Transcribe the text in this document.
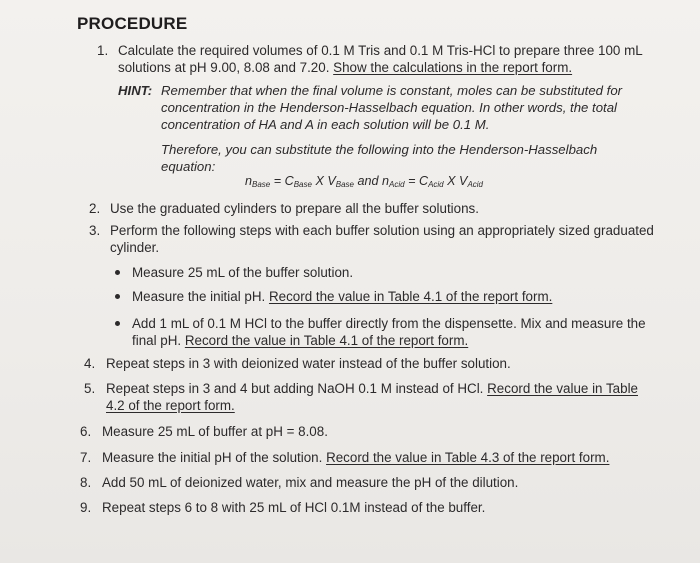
PROCEDURE
1. Calculate the required volumes of 0.1 M Tris and 0.1 M Tris-HCl to prepare three 100 mL
solutions at pH 9.00, 8.08 and 7.20. Show the calculations in the report form.
HINT: Remember that when the final volume is constant, moles can be substituted for
concentration in the Henderson-Hasselbach equation. In other words, the total
concentration of HA and A in each solution will be 0.1 M.
Therefore, you can substitute the following into the Henderson-Hasselbach
equation:
$n_{Base} = C_{Base}$ X $V_{Base}$ and $n_{Acid} = C_{Acid}$ X $V_{Acid}$
2. Use the graduated cylinders to prepare all the buffer solutions.
3. Perform the following steps with each buffer solution using an appropriately sized graduated
cylinder.
Measure 25 mL of the buffer solution.
Measure the initial pH. Record the value in Table 4.1 of the report form.
Add 1 mL of 0.1 M HCl to the buffer directly from the dispensette. Mix and measure the
final pH. Record the value in Table 4.1 of the report form.
4. Repeat steps in 3 with deionized water instead of the buffer solution.
5. Repeat steps in 3 and 4 but adding NaOH 0.1 M instead of HCl. Record the value in Table
4.2 of the report form.
6. Measure 25 mL of buffer at pH = 8.08.
7. Measure the initial pH of the solution. Record the value in Table 4.3 of the report form.
8. Add 50 mL of deionized water, mix and measure the pH of the dilution.
9. Repeat steps 6 to 8 with 25 mL of HCl 0.1M instead of the buffer.
